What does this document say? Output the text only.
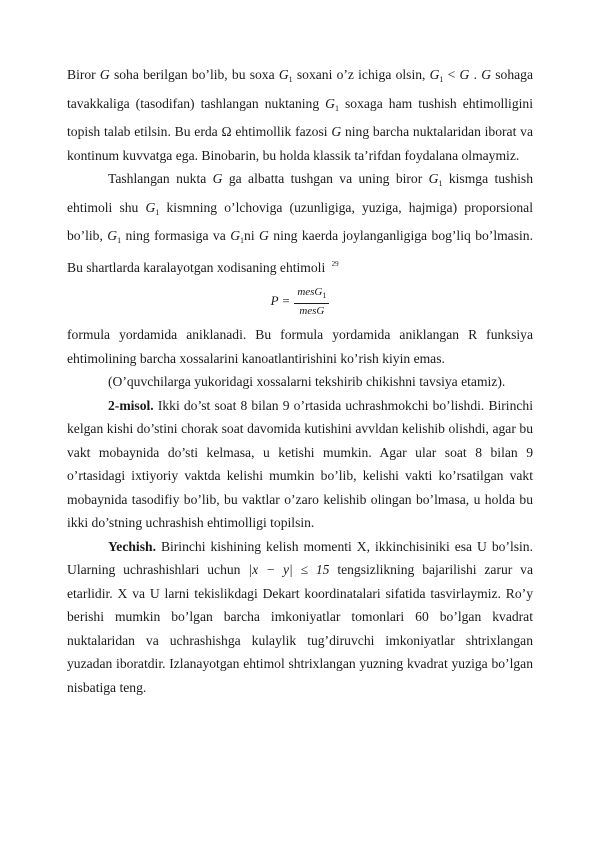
Biror G soha berilgan bo’lib, bu soxa $G_1$ soxani o’z ichiga olsin, $G_1 < G$ . G sohaga tavakkaliga (tasodifan) tashlangan nuktaning $G_1$ soxaga ham tushish ehtimolligini topish talab etilsin. Bu erda Ω ehtimollik fazosi G ning barcha nuktalaridan iborat va kontinum kuvvatga ega. Binobarin, bu holda klassik ta’rifdan foydalana olmaymiz.

Tashlangan nukta G ga albatta tushgan va uning biror $G_1$ kismga tushish ehtimoli shu $G_1$ kismning o’lchoviga (uzunligiga, yuziga, hajmiga) proporsional bo’lib, $G_1$ ning formasiga va $G_1ni$ G ning kaerda joylanganligiga bog’liq bo’lmasin. Bu shartlarda karalayotgan xodisaning ehtimoli $^{29}$

$P = \frac{mesG_1}{\text{mesG}}$

formula yordamida aniklanadi. Bu formula yordamida aniklangan R funksiya ehtimolining barcha xossalarini kanoatlantirishini ko’rish kiyin emas.

(O’quvchilarga yukoridagi xossalarni tekshirib chikishni tavsiya etamiz).

2-misol. Ikki do’st soat 8 bilan 9 o’rtasida uchrashmokchi bo’lishdi. Birinchi kelgan kishi do’stini chorak soat davomida kutishini avvldan kelishib olishdi, agar bu vakt mobaynida do’sti kelmasa, u ketishi mumkin. Agar ular soat 8 bilan 9 o’rtasidagi ixtiyoriy vaktda kelishi mumkin bo’lib, kelishi vakti ko’rsatilgan vakt mobaynida tasodifiy bo’lib, bu vaktlar o’zaro kelishib olingan bo’lmasa, u holda bu ikki do’stning uchrashish ehtimolligi topilsin.

Yechish. Birinchi kishining kelish momenti X, ikkinchisiniki esa U bo’lsin. Ularning uchrashishlari uchun |x − y| ≤ 15 tengsizlikning bajarilishi zarur va etarlidir. X va U larni tekislikdagi Dekart koordinatalari sifatida tasvirlaymiz. Ro’y berishi mumkin bo’lgan barcha imkoniyatlar tomonlari 60 bo’lgan kvadrat nuktalaridan va uchrashishga kulaylik tug’diruvchi imkoniyatlar shtrixlangan yuzadan iboratdir. Izlanayotgan ehtimol shtrixlangan yuzning kvadrat yuziga bo’lgan nisbatiga teng.
